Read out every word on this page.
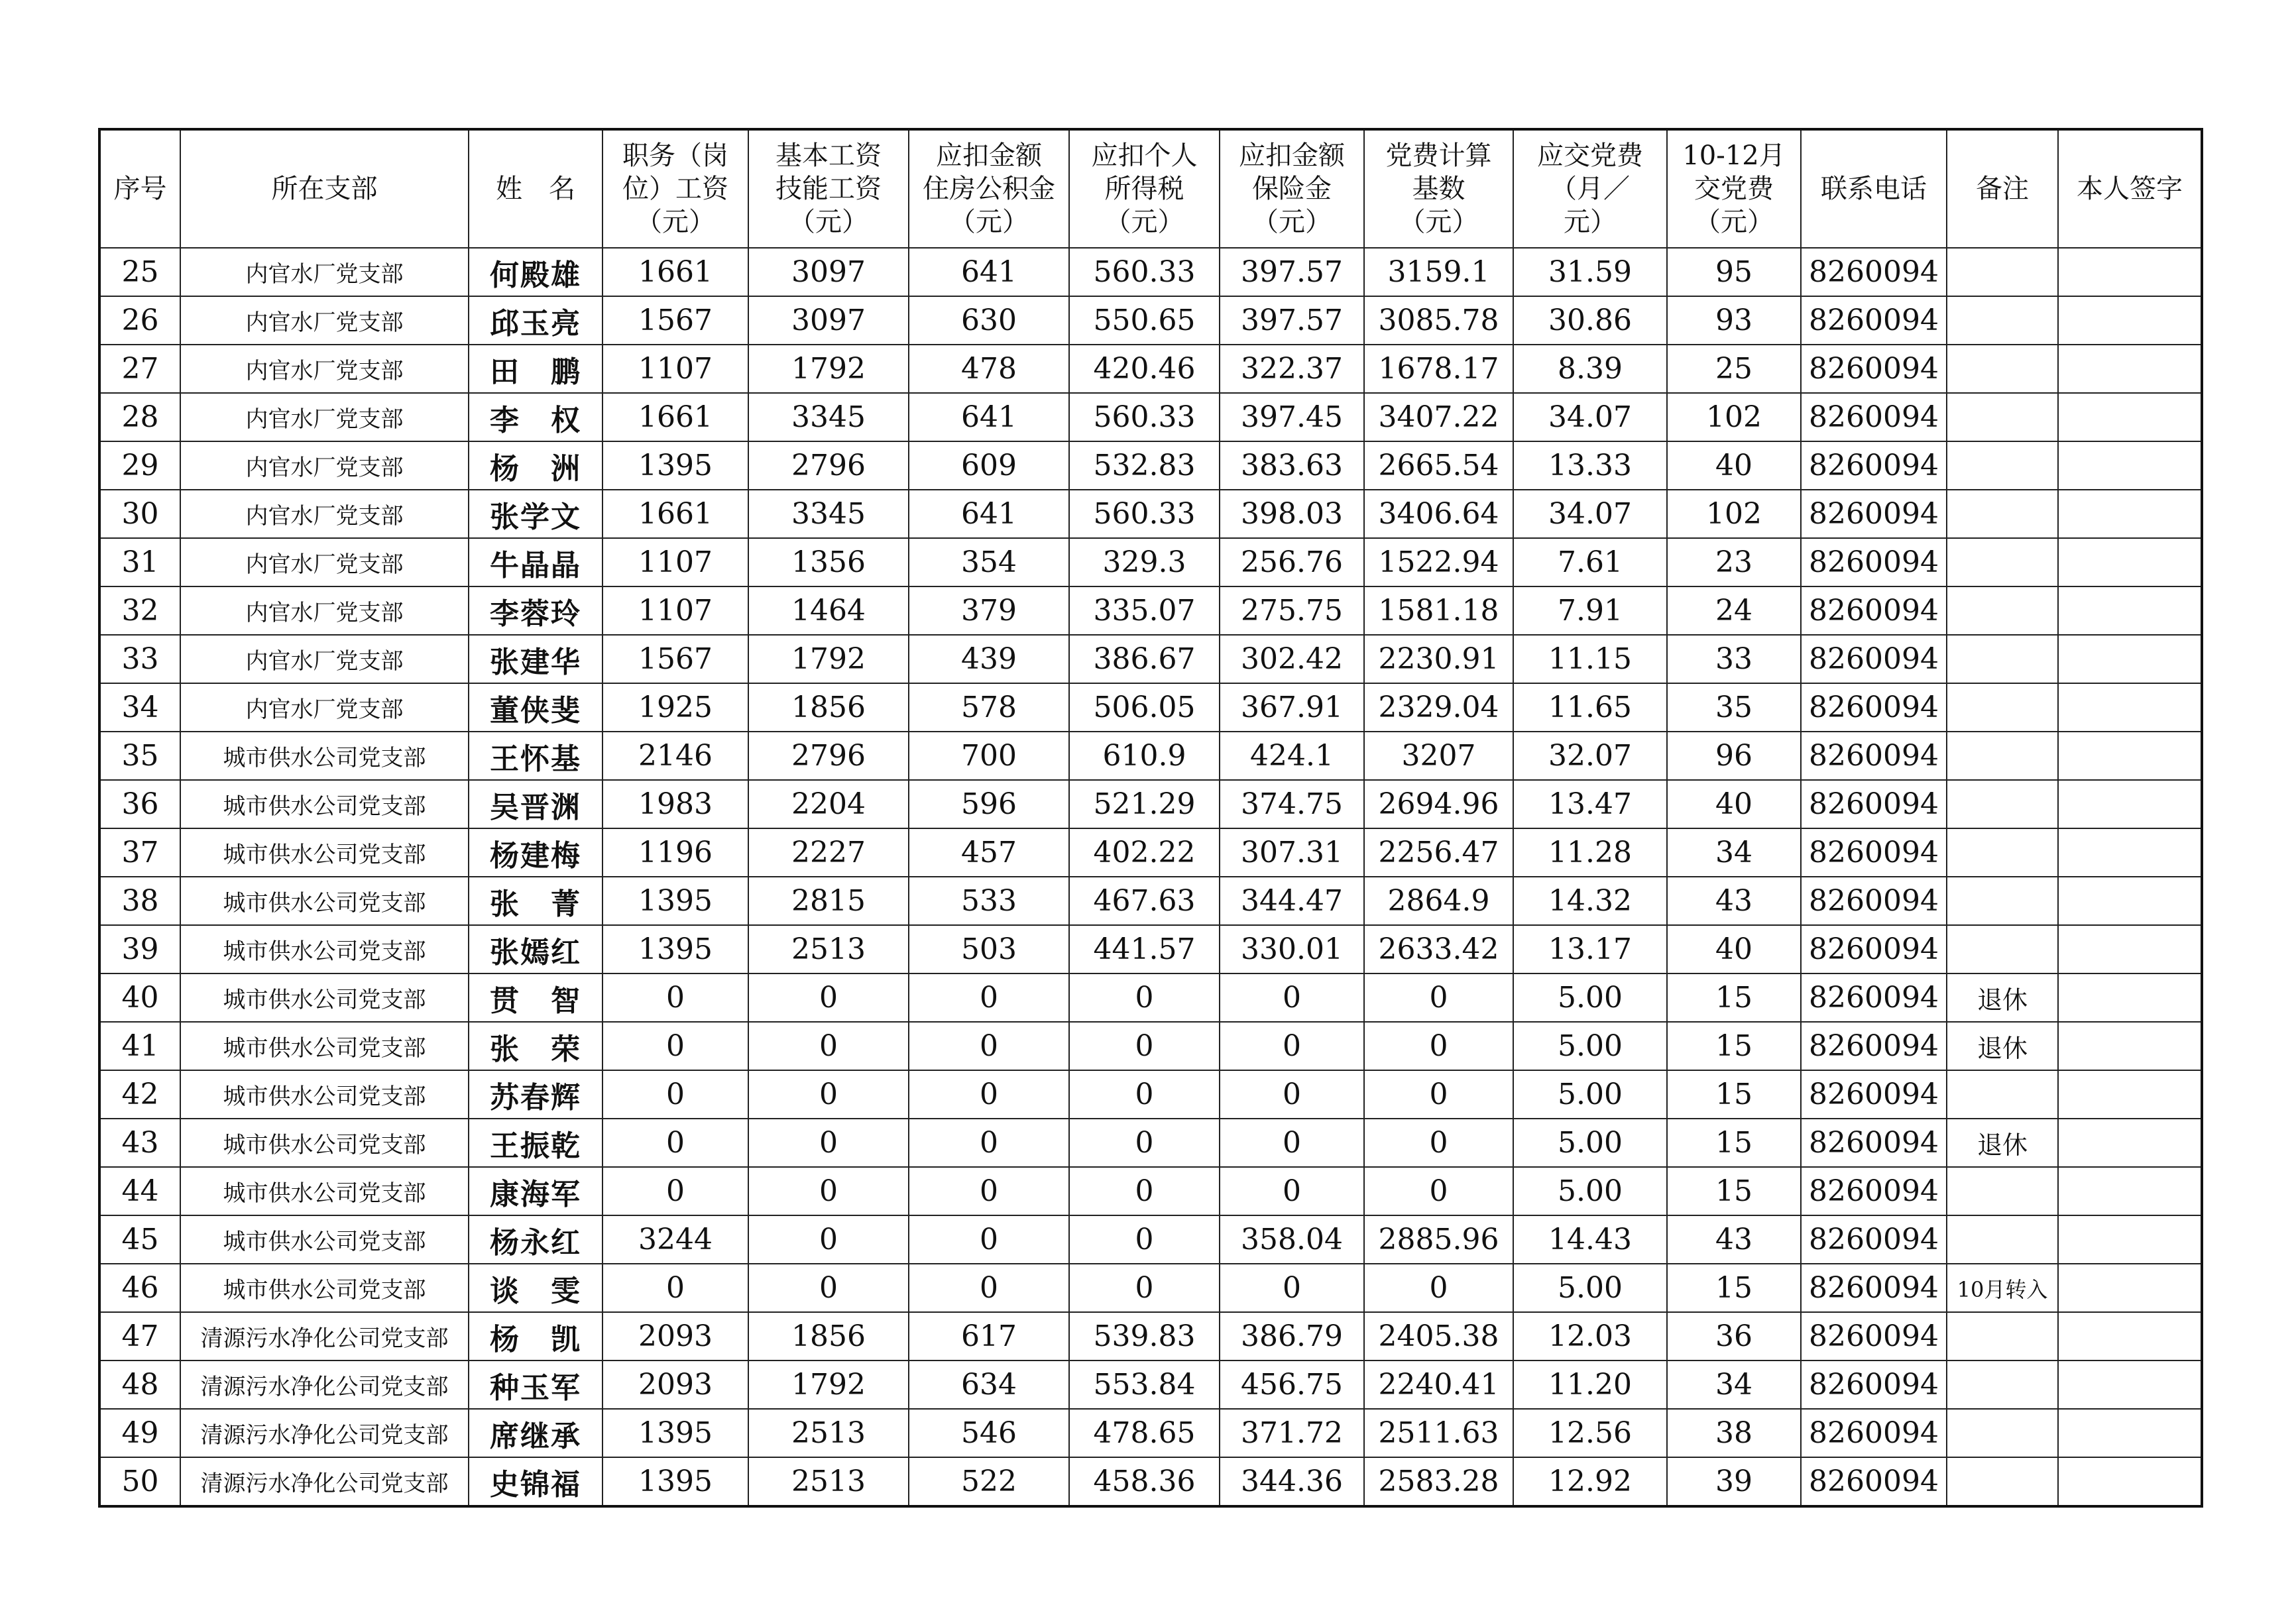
序号	所在支部	姓　名	职务（岗
位）工资
（元）	基本工资
技能工资
（元）	应扣金额
住房公积金
（元）	应扣个人
所得税
（元）	应扣金额
保险金
（元）	党费计算
基数
（元）	应交党费
（月／
元）	10-12月
交党费
（元）	联系电话	备注	本人签字

25	内官水厂党支部	何殿雄	1661	3097	641	560.33	397.57	3159.1	31.59	95	8260094		
26	内官水厂党支部	邱玉亮	1567	3097	630	550.65	397.57	3085.78	30.86	93	8260094		
27	内官水厂党支部	田　鹏	1107	1792	478	420.46	322.37	1678.17	8.39	25	8260094		
28	内官水厂党支部	李　权	1661	3345	641	560.33	397.45	3407.22	34.07	102	8260094		
29	内官水厂党支部	杨　洲	1395	2796	609	532.83	383.63	2665.54	13.33	40	8260094		
30	内官水厂党支部	张学文	1661	3345	641	560.33	398.03	3406.64	34.07	102	8260094		
31	内官水厂党支部	牛晶晶	1107	1356	354	329.3	256.76	1522.94	7.61	23	8260094		
32	内官水厂党支部	李蓉玲	1107	1464	379	335.07	275.75	1581.18	7.91	24	8260094		
33	内官水厂党支部	张建华	1567	1792	439	386.67	302.42	2230.91	11.15	33	8260094		
34	内官水厂党支部	董侠斐	1925	1856	578	506.05	367.91	2329.04	11.65	35	8260094		
35	城市供水公司党支部	王怀基	2146	2796	700	610.9	424.1	3207	32.07	96	8260094		
36	城市供水公司党支部	吴晋渊	1983	2204	596	521.29	374.75	2694.96	13.47	40	8260094		
37	城市供水公司党支部	杨建梅	1196	2227	457	402.22	307.31	2256.47	11.28	34	8260094		
38	城市供水公司党支部	张　菁	1395	2815	533	467.63	344.47	2864.9	14.32	43	8260094		
39	城市供水公司党支部	张嫣红	1395	2513	503	441.57	330.01	2633.42	13.17	40	8260094		
40	城市供水公司党支部	贯　智	0	0	0	0	0	0	5.00	15	8260094	退休	
41	城市供水公司党支部	张　荣	0	0	0	0	0	0	5.00	15	8260094	退休	
42	城市供水公司党支部	苏春辉	0	0	0	0	0	0	5.00	15	8260094		
43	城市供水公司党支部	王振乾	0	0	0	0	0	0	5.00	15	8260094	退休	
44	城市供水公司党支部	康海军	0	0	0	0	0	0	5.00	15	8260094		
45	城市供水公司党支部	杨永红	3244	0	0	0	358.04	2885.96	14.43	43	8260094		
46	城市供水公司党支部	谈　雯	0	0	0	0	0	0	5.00	15	8260094	10月转入	
47	清源污水净化公司党支部	杨　凯	2093	1856	617	539.83	386.79	2405.38	12.03	36	8260094		
48	清源污水净化公司党支部	种玉军	2093	1792	634	553.84	456.75	2240.41	11.20	34	8260094		
49	清源污水净化公司党支部	席继承	1395	2513	546	478.65	371.72	2511.63	12.56	38	8260094		
50	清源污水净化公司党支部	史锦福	1395	2513	522	458.36	344.36	2583.28	12.92	39	8260094		
